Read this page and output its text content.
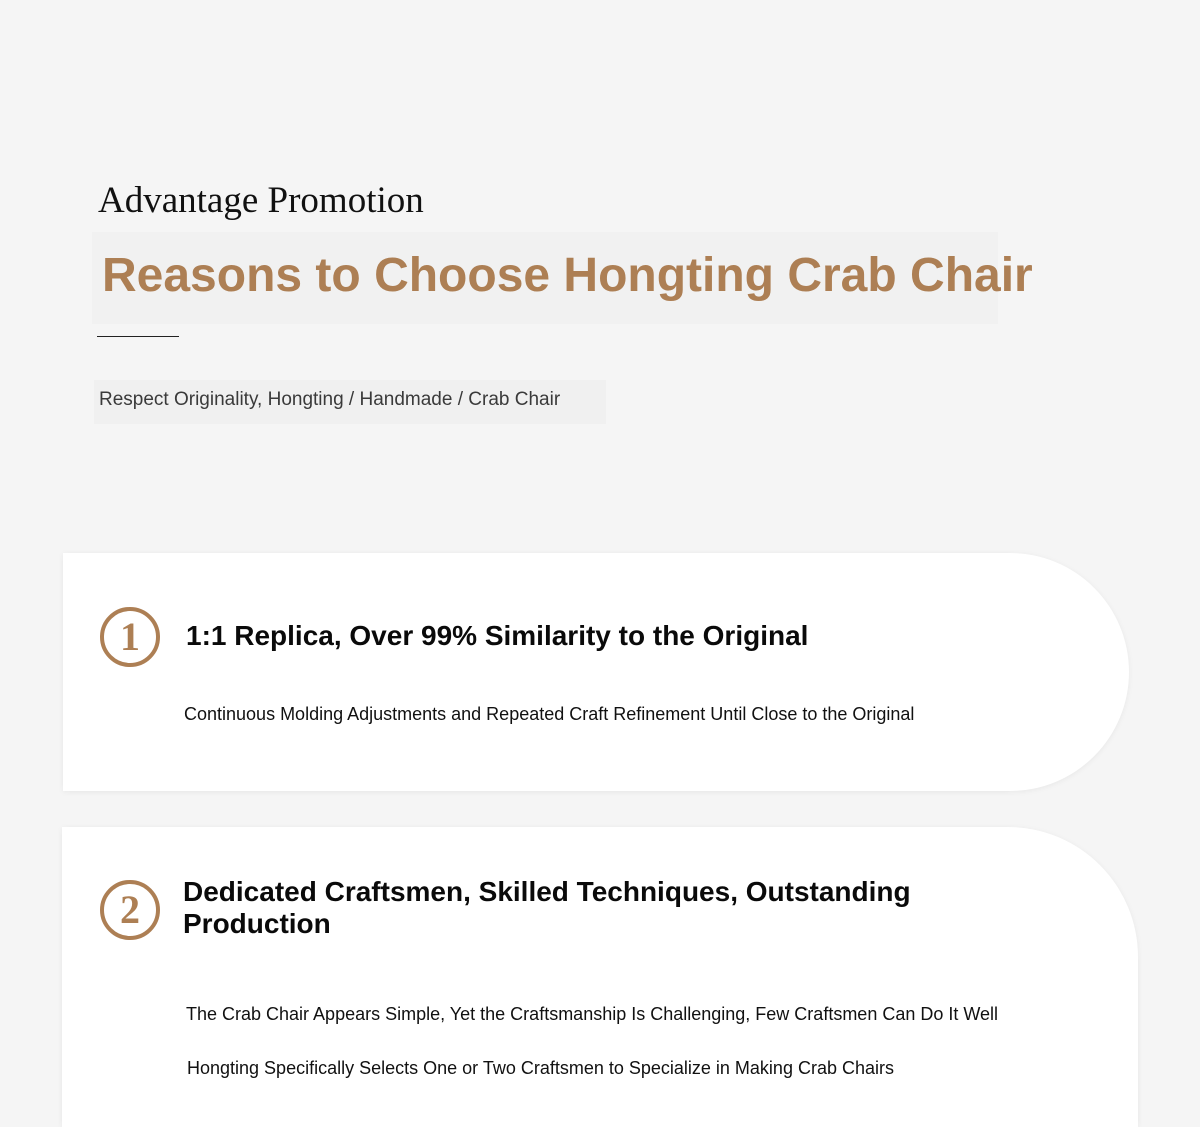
Advantage Promotion
Reasons to Choose Hongting Crab Chair
Respect Originality, Hongting / Handmade / Crab Chair
1	1:1 Replica, Over 99% Similarity to the Original
Continuous Molding Adjustments and Repeated Craft Refinement Until Close to the Original
2	Dedicated Craftsmen, Skilled Techniques, Outstanding Production
The Crab Chair Appears Simple, Yet the Craftsmanship Is Challenging, Few Craftsmen Can Do It Well
Hongting Specifically Selects One or Two Craftsmen to Specialize in Making Crab Chairs
